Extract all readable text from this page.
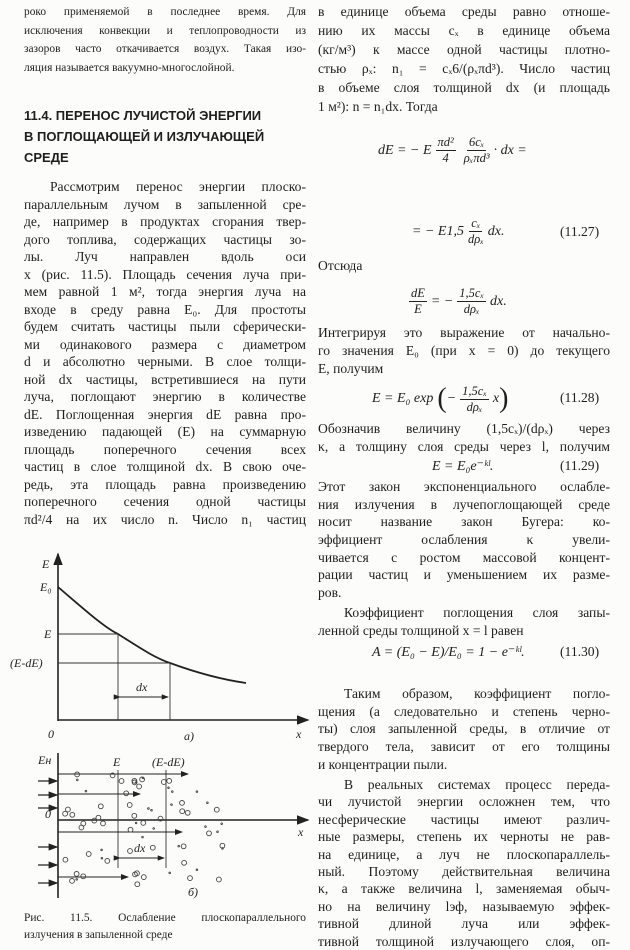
роко применяемой в последнее время. Для
исключения конвекции и теплопроводности из
зазоров часто откачивается воздух. Такая изо-
ляция называется вакуумно-многослойной.
11.4. ПЕРЕНОС ЛУЧИСТОЙ ЭНЕРГИИ
В ПОГЛОЩАЮЩЕЙ И ИЗЛУЧАЮЩЕЙ
СРЕДЕ
Рассмотрим перенос энергии плоско-
параллельным лучом в запыленной сре-
де, например в продуктах сгорания твер-
дого топлива, содержащих частицы зо-
лы. Луч направлен вдоль оси
x (рис. 11.5). Площадь сечения луча при-
мем равной 1 м², тогда энергия луча на
входе в среду равна E₀. Для простоты
будем считать частицы пыли сферически-
ми одинакового размера с диаметром
d и абсолютно черными. В слое толщи-
ной dx частицы, встретившиеся на пути
луча, поглощают энергию в количестве
dE. Поглощенная энергия dE равна про-
изведению падающей (E) на суммарную
площадь поперечного сечения всех
частиц в слое толщиной dx. В свою оче-
редь, эта площадь равна произведению
поперечного сечения одной частицы
πd²/4 на их число n. Число n₁ частиц
E
E₀
E
(E-dE)
dx
0	а)	x
Eн	E	(E-dE)
0
dx
x
б)
Рис. 11.5. Ослабление плоскопараллельного
излучения в запыленной среде
в единице объема среды равно отноше-
нию их массы cₓ в единице объема
(кг/м³) к массе одной частицы плотно-
стью ρₓ: n₁ = cₓ6/(ρₓπd³). Число частиц
в объеме слоя толщиной dx (и площадь
1 м²): n = n₁dx. Тогда
dE = − E $\frac{\text{πd²}}{4} \frac{\text{6cₓ}}{\text{ρₓπd³}}$ · dx =
= − $E1,5 \frac{\text{cₓ}}{\text{dρₓ}}$ dx.	(11.27)
Отсюда
$\frac{dE}{E}$ = − $\frac{\text{1,5cₓ}}{\text{dρₓ}}$ dx.
Интегрируя это выражение от начально-
го значения E₀ (при x = 0) до текущего
E, получим
E = E₀ exp ( − $\frac{\text{1,5cₓ}}{\text{dρₓ}}$ x )	(11.28)
Обозначив величину (1,5cₓ)/(dρₓ) через
κ, а толщину слоя среды через l, получим
E = E₀e⁻ᵏˡ.	(11.29)
Этот закон экспоненциального ослабле-
ния излучения в лучепоглощающей среде
носит название закон Бугера: ко-
эффициент ослабления κ увели-
чивается с ростом массовой концент-
рации частиц и уменьшением их разме-
ров.
Коэффициент поглощения слоя запы-
ленной среды толщиной x = l равен
A = (E₀ − E)/E₀ = 1 − e⁻ᵏˡ.	(11.30)
Таким образом, коэффициент погло-
щения (а следовательно и степень черно-
ты) слоя запыленной среды, в отличие от
твердого тела, зависит от его толщины
и концентрации пыли.
В реальных системах процесс переда-
чи лучистой энергии осложнен тем, что
несферические частицы имеют различ-
ные размеры, степень их черноты не рав-
на единице, а луч не плоскопараллель-
ный. Поэтому действительная величина
κ, а также величина l, заменяемая обыч-
но на величину lэф, называемую эффек-
тивной длиной луча или эффек-
тивной толщиной излучающего слоя, оп-
